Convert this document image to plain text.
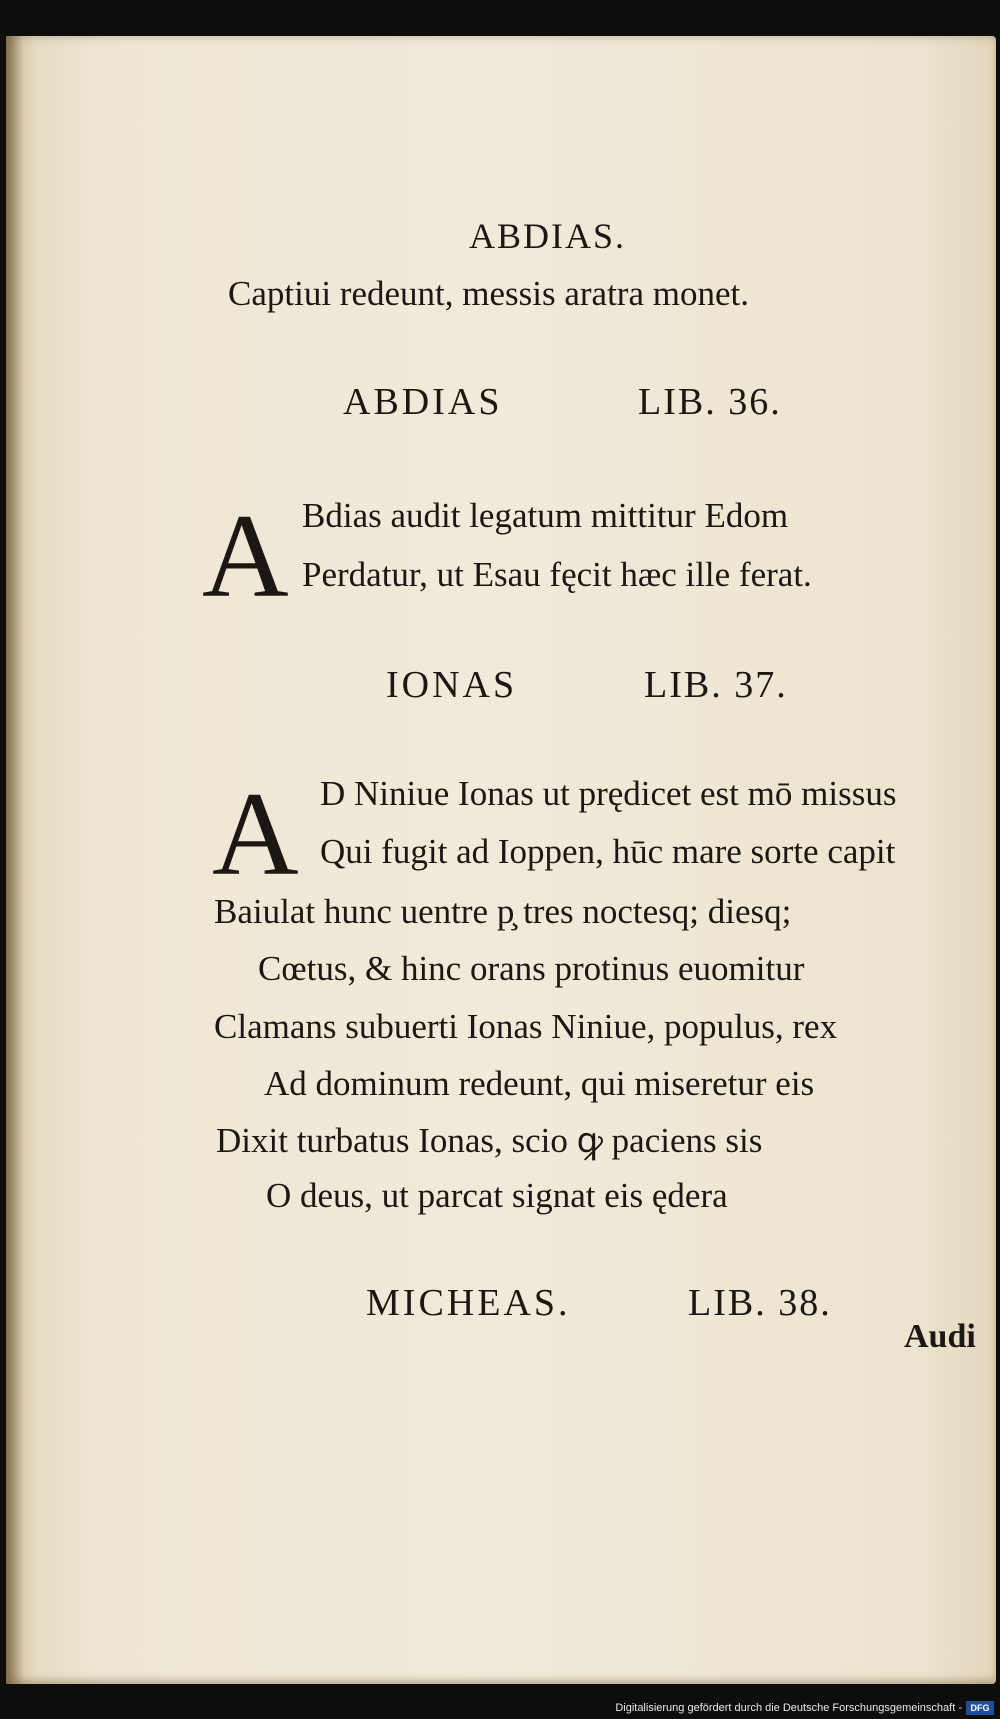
ABDIAS.
Captiui redeunt, messis aratra monet.
ABDIAS	LIB. 36.
A Bdias audit legatum mittitur Edom
Perdatur, ut Esau fęcit hæc ille ferat.
IONAS	LIB. 37.
A D Niniue Ionas ut prędicet est mō missus
Qui fugit ad Ioppen, hūc mare sorte capit
Baiulat hunc uentre p̧ tres noctesq; diesq;
Cœtus, & hinc orans protinus euomitur
Clamans subuerti Ionas Niniue, populus, rex
Ad dominum redeunt, qui miseretur eis
Dixit turbatus Ionas, scio ꝙ paciens sis
O deus, ut parcat signat eis ędera
MICHEAS.	LIB. 38.
Audi
Digitalisierung gefördert durch die Deutsche Forschungsgemeinschaft - DFG
